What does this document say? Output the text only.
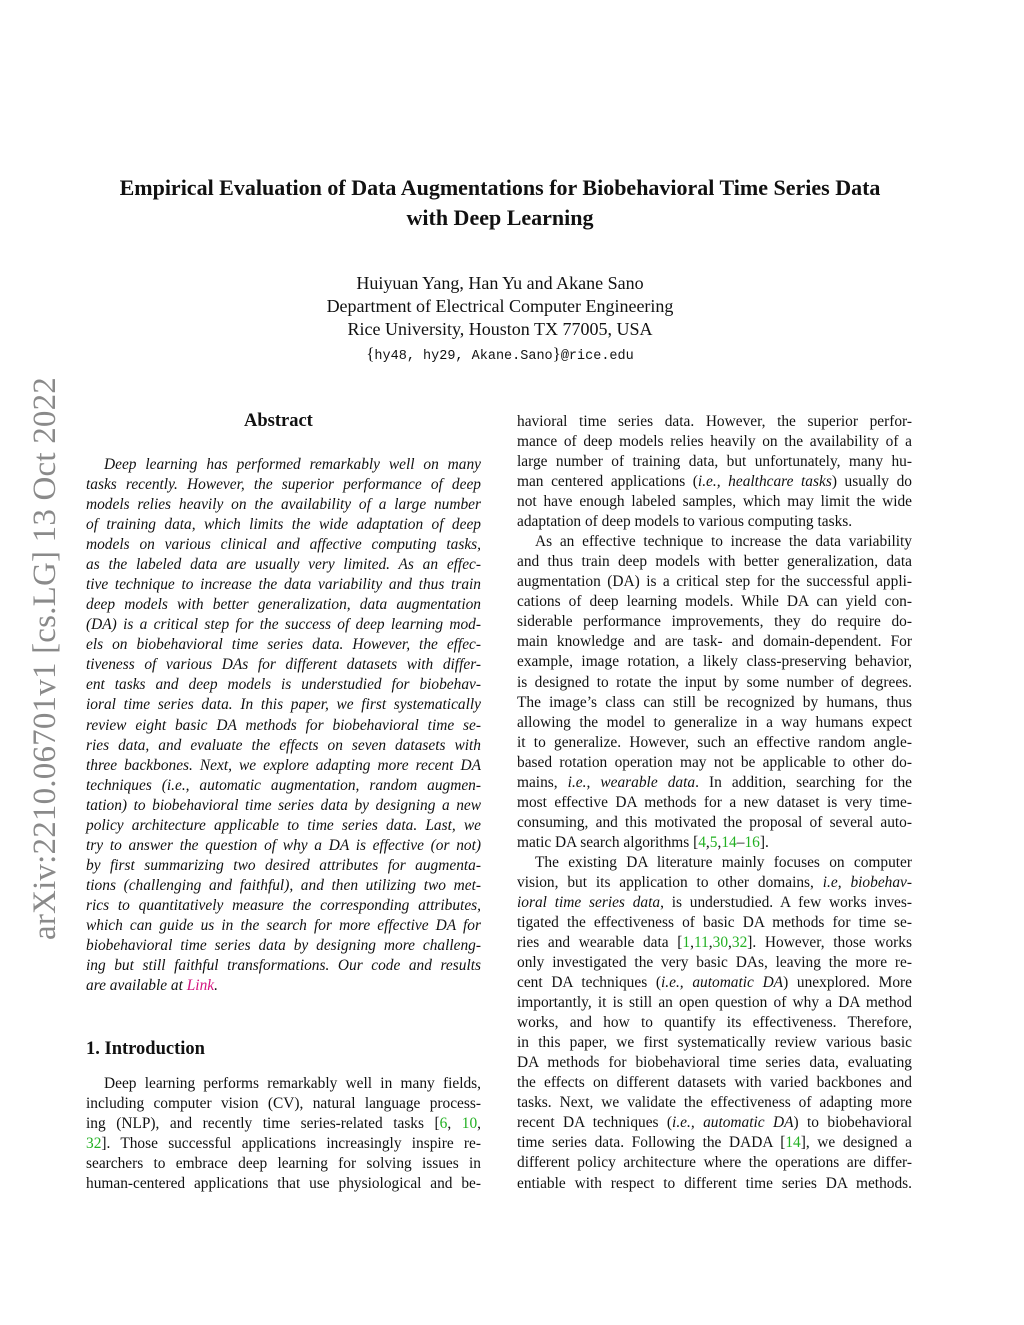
arXiv:2210.06701v1 [cs.LG] 13 Oct 2022
Empirical Evaluation of Data Augmentations for Biobehavioral Time Series Data
with Deep Learning
Huiyuan Yang, Han Yu and Akane Sano
Department of Electrical Computer Engineering
Rice University, Houston TX 77005, USA
{hy48, hy29, Akane.Sano}@rice.edu
Abstract
Deep learning has performed remarkably well on many
tasks recently. However, the superior performance of deep
models relies heavily on the availability of a large number
of training data, which limits the wide adaptation of deep
models on various clinical and affective computing tasks,
as the labeled data are usually very limited. As an effec-
tive technique to increase the data variability and thus train
deep models with better generalization, data augmentation
(DA) is a critical step for the success of deep learning mod-
els on biobehavioral time series data. However, the effec-
tiveness of various DAs for different datasets with differ-
ent tasks and deep models is understudied for biobehav-
ioral time series data. In this paper, we first systematically
review eight basic DA methods for biobehavioral time se-
ries data, and evaluate the effects on seven datasets with
three backbones. Next, we explore adapting more recent DA
techniques (i.e., automatic augmentation, random augmen-
tation) to biobehavioral time series data by designing a new
policy architecture applicable to time series data. Last, we
try to answer the question of why a DA is effective (or not)
by first summarizing two desired attributes for augmenta-
tions (challenging and faithful), and then utilizing two met-
rics to quantitatively measure the corresponding attributes,
which can guide us in the search for more effective DA for
biobehavioral time series data by designing more challeng-
ing but still faithful transformations. Our code and results
are available at Link.
1. Introduction
Deep learning performs remarkably well in many fields,
including computer vision (CV), natural language process-
ing (NLP), and recently time series-related tasks [6, 10,
32]. Those successful applications increasingly inspire re-
searchers to embrace deep learning for solving issues in
human-centered applications that use physiological and be-
havioral time series data. However, the superior perfor-
mance of deep models relies heavily on the availability of a
large number of training data, but unfortunately, many hu-
man centered applications (i.e., healthcare tasks) usually do
not have enough labeled samples, which may limit the wide
adaptation of deep models to various computing tasks.
As an effective technique to increase the data variability
and thus train deep models with better generalization, data
augmentation (DA) is a critical step for the successful appli-
cations of deep learning models. While DA can yield con-
siderable performance improvements, they do require do-
main knowledge and are task- and domain-dependent. For
example, image rotation, a likely class-preserving behavior,
is designed to rotate the input by some number of degrees.
The image’s class can still be recognized by humans, thus
allowing the model to generalize in a way humans expect
it to generalize. However, such an effective random angle-
based rotation operation may not be applicable to other do-
mains, i.e., wearable data. In addition, searching for the
most effective DA methods for a new dataset is very time-
consuming, and this motivated the proposal of several auto-
matic DA search algorithms [4,5,14–16].
The existing DA literature mainly focuses on computer
vision, but its application to other domains, i.e, biobehav-
ioral time series data, is understudied. A few works inves-
tigated the effectiveness of basic DA methods for time se-
ries and wearable data [1,11,30,32]. However, those works
only investigated the very basic DAs, leaving the more re-
cent DA techniques (i.e., automatic DA) unexplored. More
importantly, it is still an open question of why a DA method
works, and how to quantify its effectiveness. Therefore,
in this paper, we first systematically review various basic
DA methods for biobehavioral time series data, evaluating
the effects on different datasets with varied backbones and
tasks. Next, we validate the effectiveness of adapting more
recent DA techniques (i.e., automatic DA) to biobehavioral
time series data. Following the DADA [14], we designed a
different policy architecture where the operations are differ-
entiable with respect to different time series DA methods.
